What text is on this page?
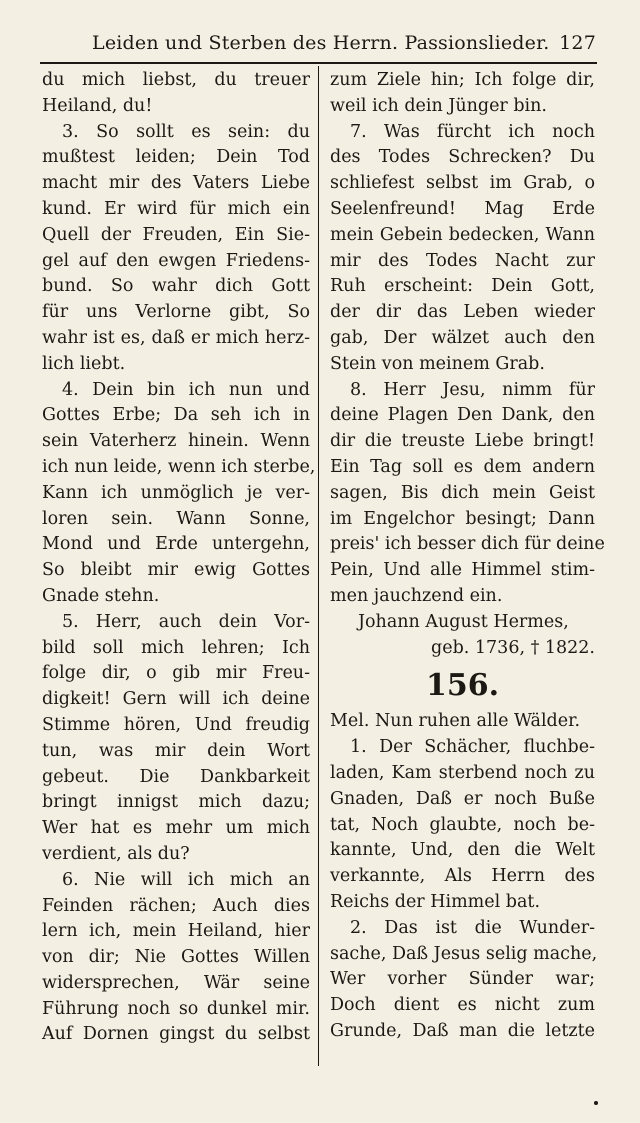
Leiden und Sterben des Herrn. Passionslieder. 127
du mich liebst, du treuer
Heiland, du!
3. So sollt es sein: du
mußtest leiden; Dein Tod
macht mir des Vaters Liebe
kund. Er wird für mich ein
Quell der Freuden, Ein Sie-
gel auf den ewgen Friedens-
bund. So wahr dich Gott
für uns Verlorne gibt, So
wahr ist es, daß er mich herz-
lich liebt.
4. Dein bin ich nun und
Gottes Erbe; Da seh ich in
sein Vaterherz hinein. Wenn
ich nun leide, wenn ich sterbe,
Kann ich unmöglich je ver-
loren sein. Wann Sonne,
Mond und Erde untergehn,
So bleibt mir ewig Gottes
Gnade stehn.
5. Herr, auch dein Vor-
bild soll mich lehren; Ich
folge dir, o gib mir Freu-
digkeit! Gern will ich deine
Stimme hören, Und freudig
tun, was mir dein Wort
gebeut. Die Dankbarkeit
bringt innigst mich dazu;
Wer hat es mehr um mich
verdient, als du?
6. Nie will ich mich an
Feinden rächen; Auch dies
lern ich, mein Heiland, hier
von dir; Nie Gottes Willen
widersprechen, Wär seine
Führung noch so dunkel mir.
Auf Dornen gingst du selbst
zum Ziele hin; Ich folge dir,
weil ich dein Jünger bin.
7. Was fürcht ich noch
des Todes Schrecken? Du
schliefest selbst im Grab, o
Seelenfreund! Mag Erde
mein Gebein bedecken, Wann
mir des Todes Nacht zur
Ruh erscheint: Dein Gott,
der dir das Leben wieder
gab, Der wälzet auch den
Stein von meinem Grab.
8. Herr Jesu, nimm für
deine Plagen Den Dank, den
dir die treuste Liebe bringt!
Ein Tag soll es dem andern
sagen, Bis dich mein Geist
im Engelchor besingt; Dann
preis' ich besser dich für deine
Pein, Und alle Himmel stim-
men jauchzend ein.
Johann August Hermes,
geb. 1736, † 1822.
156.
Mel. Nun ruhen alle Wälder.
1. Der Schächer, fluchbe-
laden, Kam sterbend noch zu
Gnaden, Daß er noch Buße
tat, Noch glaubte, noch be-
kannte, Und, den die Welt
verkannte, Als Herrn des
Reichs der Himmel bat.
2. Das ist die Wunder-
sache, Daß Jesus selig mache,
Wer vorher Sünder war;
Doch dient es nicht zum
Grunde, Daß man die letzte
